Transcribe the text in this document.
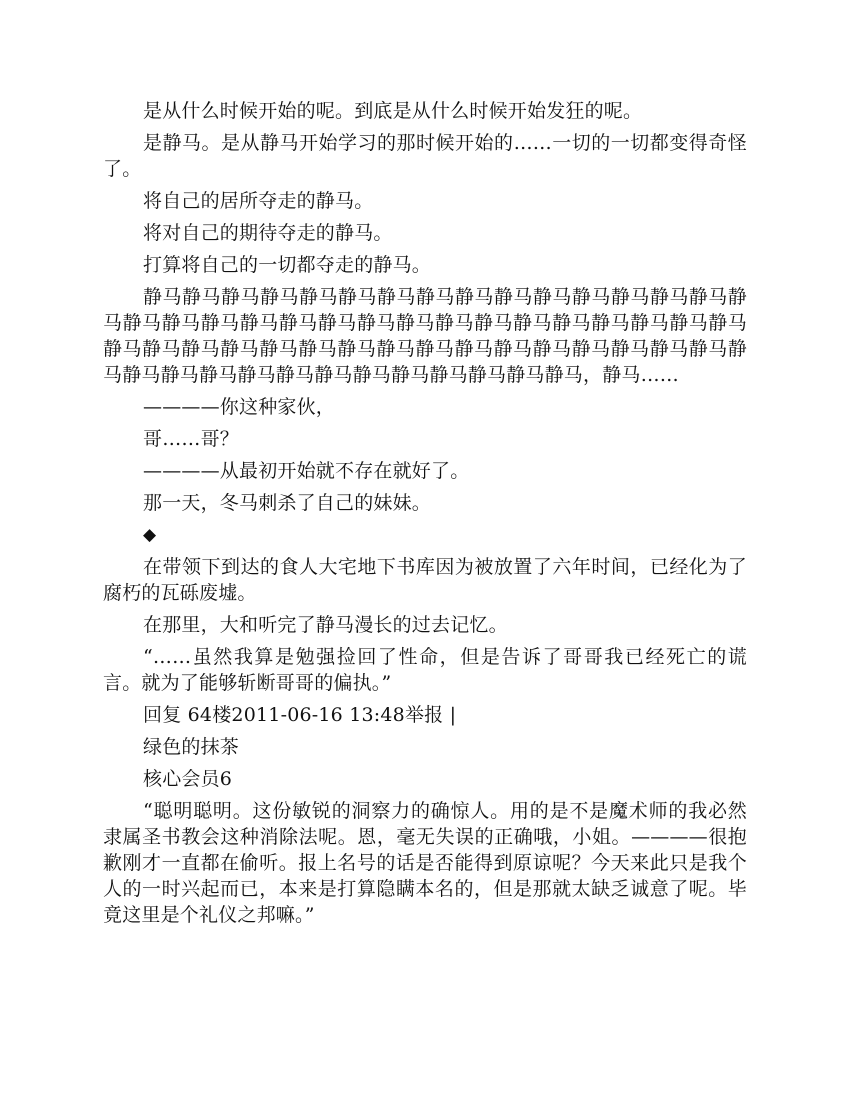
是从什么时候开始的呢。到底是从什么时候开始发狂的呢。

是静马。是从静马开始学习的那时候开始的……一切的一切都变得奇怪了。

将自己的居所夺走的静马。

将对自己的期待夺走的静马。

打算将自己的一切都夺走的静马。

静马静马静马静马静马静马静马静马静马静马静马静马静马静马静马静马静马静马静马静马静马静马静马静马静马静马静马静马静马静马静马静马静马静马静马静马静马静马静马静马静马静马静马静马静马静马静马静马静马静马静马静马静马静马静马静马静马静马静马静马静马，静马……

————你这种家伙，

哥……哥？

————从最初开始就不存在就好了。

那一天，冬马刺杀了自己的妹妹。

◆

在带领下到达的食人大宅地下书库因为被放置了六年时间，已经化为了腐朽的瓦砾废墟。

在那里，大和听完了静马漫长的过去记忆。

“……虽然我算是勉强捡回了性命，但是告诉了哥哥我已经死亡的谎言。就为了能够斩断哥哥的偏执。”

回复 64楼2011-06-16 13:48举报 |

绿色的抹茶

核心会员6

“聪明聪明。这份敏锐的洞察力的确惊人。用的是不是魔术师的我必然隶属圣书教会这种消除法呢。恩，毫无失误的正确哦，小姐。————很抱歉刚才一直都在偷听。报上名号的话是否能得到原谅呢？今天来此只是我个人的一时兴起而已，本来是打算隐瞒本名的，但是那就太缺乏诚意了呢。毕竟这里是个礼仪之邦嘛。”
